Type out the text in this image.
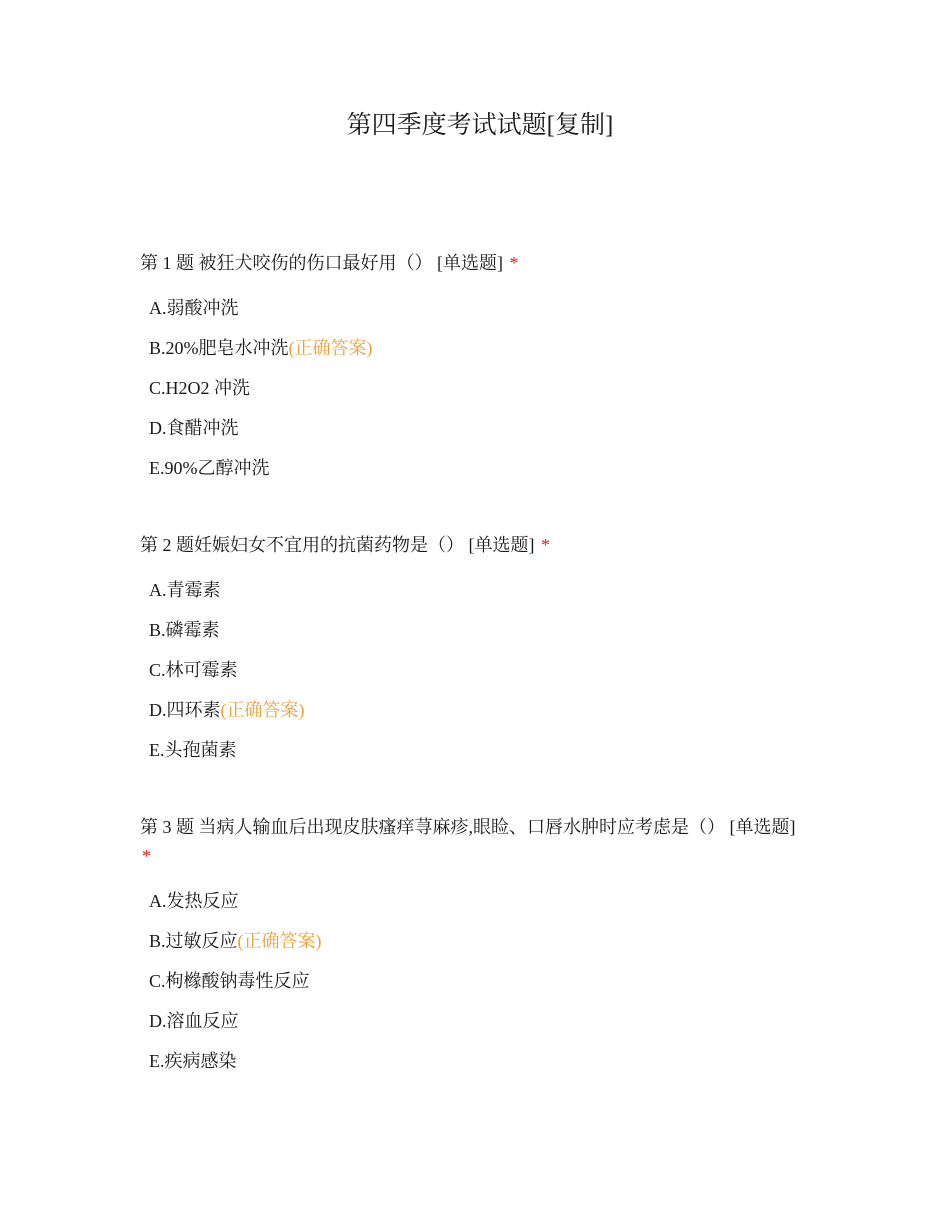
第四季度考试试题[复制]
第 1 题 被狂犬咬伤的伤口最好用（） [单选题] *
A.弱酸冲洗
B.20%肥皂水冲洗(正确答案)
C.H2O2 冲洗
D.食醋冲洗
E.90%乙醇冲洗
第 2 题妊娠妇女不宜用的抗菌药物是（） [单选题] *
A.青霉素
B.磷霉素
C.林可霉素
D.四环素(正确答案)
E.头孢菌素
第 3 题 当病人输血后出现皮肤瘙痒荨麻疹,眼睑、口唇水肿时应考虑是（） [单选题] *
A.发热反应
B.过敏反应(正确答案)
C.枸橼酸钠毒性反应
D.溶血反应
E.疾病感染
